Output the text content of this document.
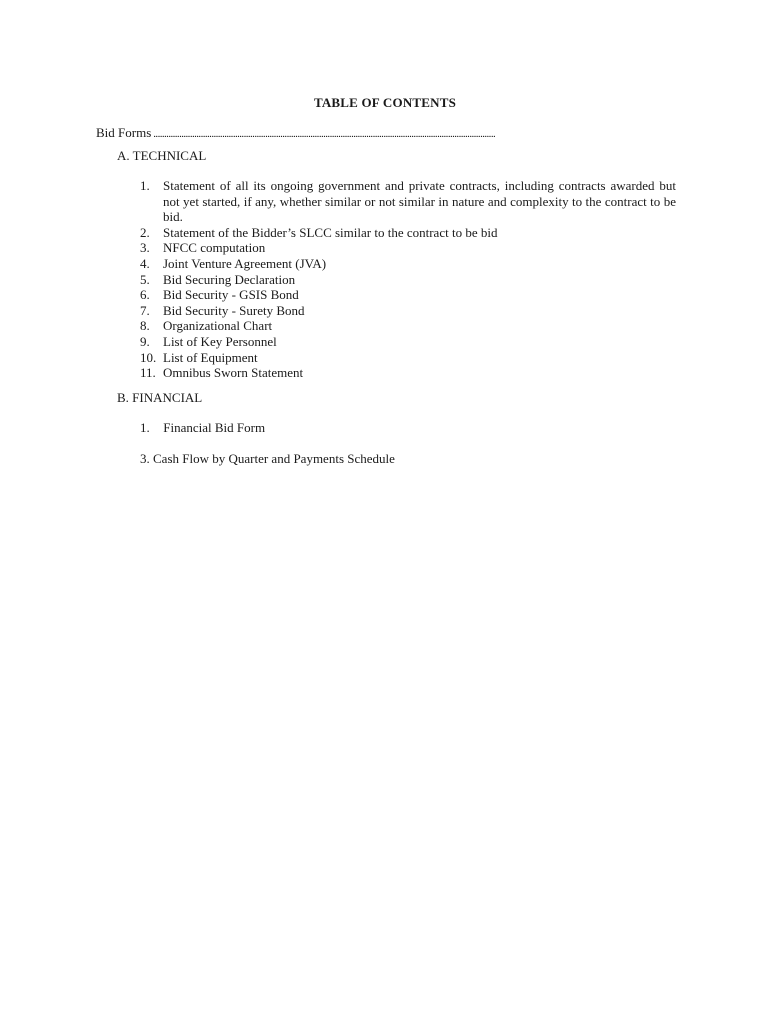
TABLE OF CONTENTS
Bid Forms ...............................................................................................................................................................
A. TECHNICAL
1.	Statement of all its ongoing government and private contracts, including contracts awarded but not yet started, if any, whether similar or not similar in nature and complexity to the contract to be bid.
2.	Statement of the Bidder’s SLCC similar to the contract to be bid
3.	NFCC computation
4.	Joint Venture Agreement (JVA)
5.	Bid Securing Declaration
6.	Bid Security - GSIS Bond
7.	Bid Security - Surety Bond
8.	Organizational Chart
9.	List of Key Personnel
10. List of Equipment
11. Omnibus Sworn Statement
B. FINANCIAL
1. Financial Bid Form
3. Cash Flow by Quarter and Payments Schedule
